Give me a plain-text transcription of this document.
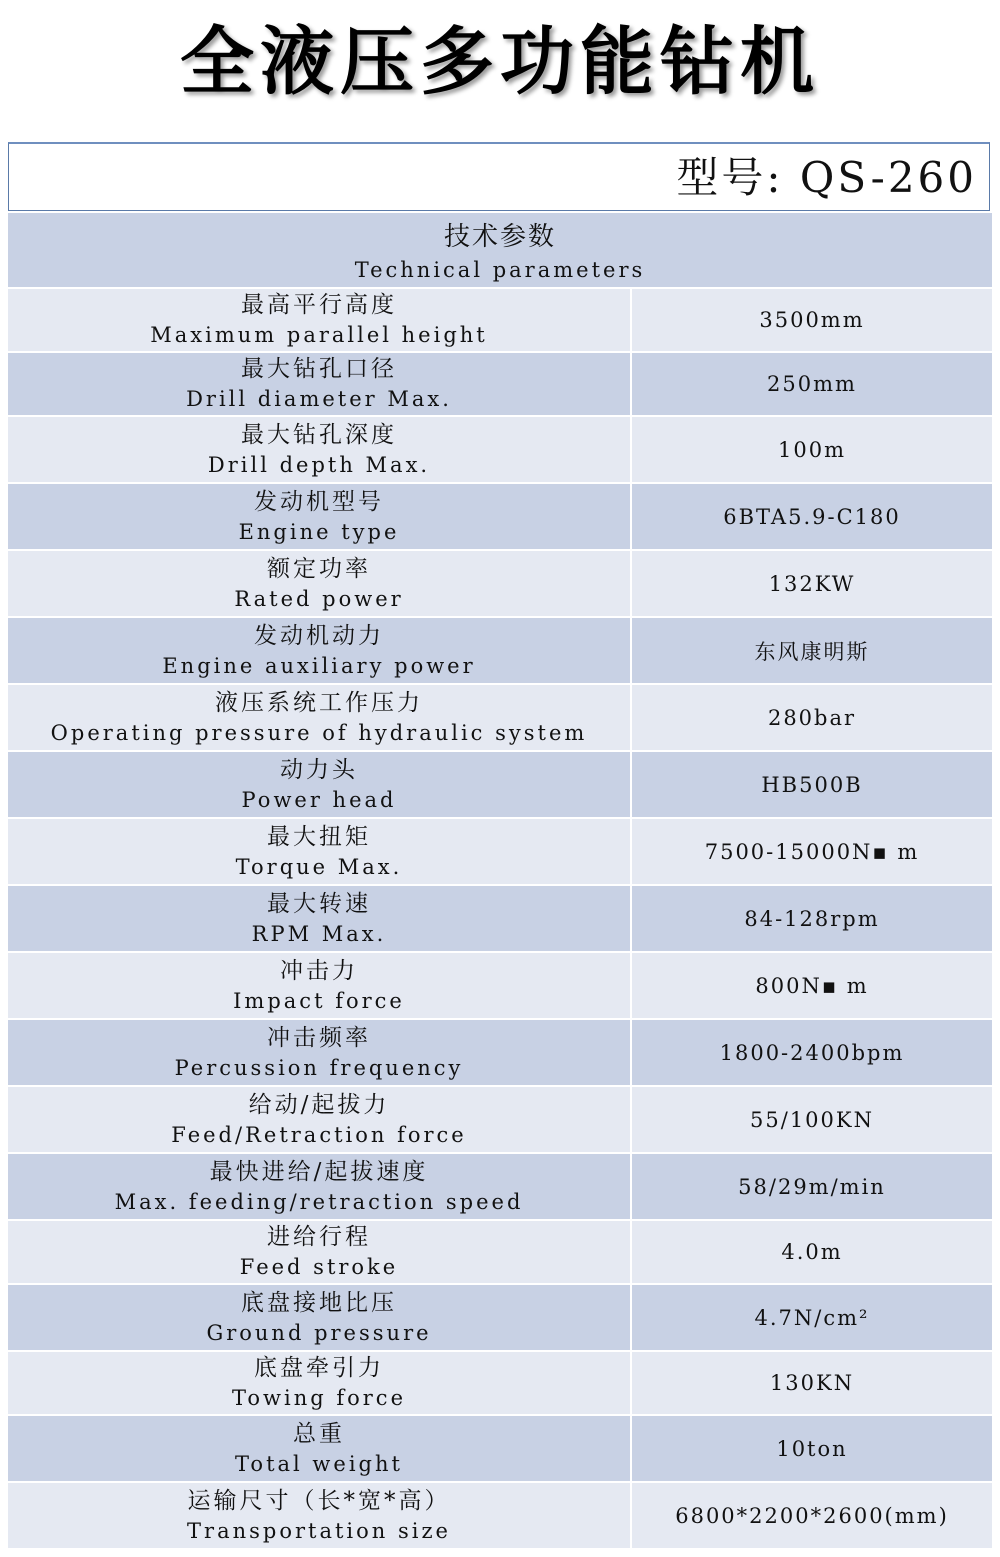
全液压多功能钻机
型号: QS-260
技术参数
Technical parameters
最高平行高度
Maximum parallel height
3500mm
最大钻孔口径
Drill diameter Max.
250mm
最大钻孔深度
Drill depth Max.
100m
发动机型号
Engine type
6BTA5.9-C180
额定功率
Rated power
132KW
发动机动力
Engine auxiliary power
东风康明斯
液压系统工作压力
Operating pressure of hydraulic system
280bar
动力头
Power head
HB500B
最大扭矩
Torque Max.
7500-15000N▪ m
最大转速
RPM Max.
84-128rpm
冲击力
Impact force
800N▪ m
冲击频率
Percussion frequency
1800-2400bpm
给动/起拔力
Feed/Retraction force
55/100KN
最快进给/起拔速度
Max. feeding/retraction speed
58/29m/min
进给行程
Feed stroke
4.0m
底盘接地比压
Ground pressure
4.7N/cm²
底盘牵引力
Towing force
130KN
总重
Total weight
10ton
运输尺寸（长*宽*高）
Transportation size
6800*2200*2600(mm)
